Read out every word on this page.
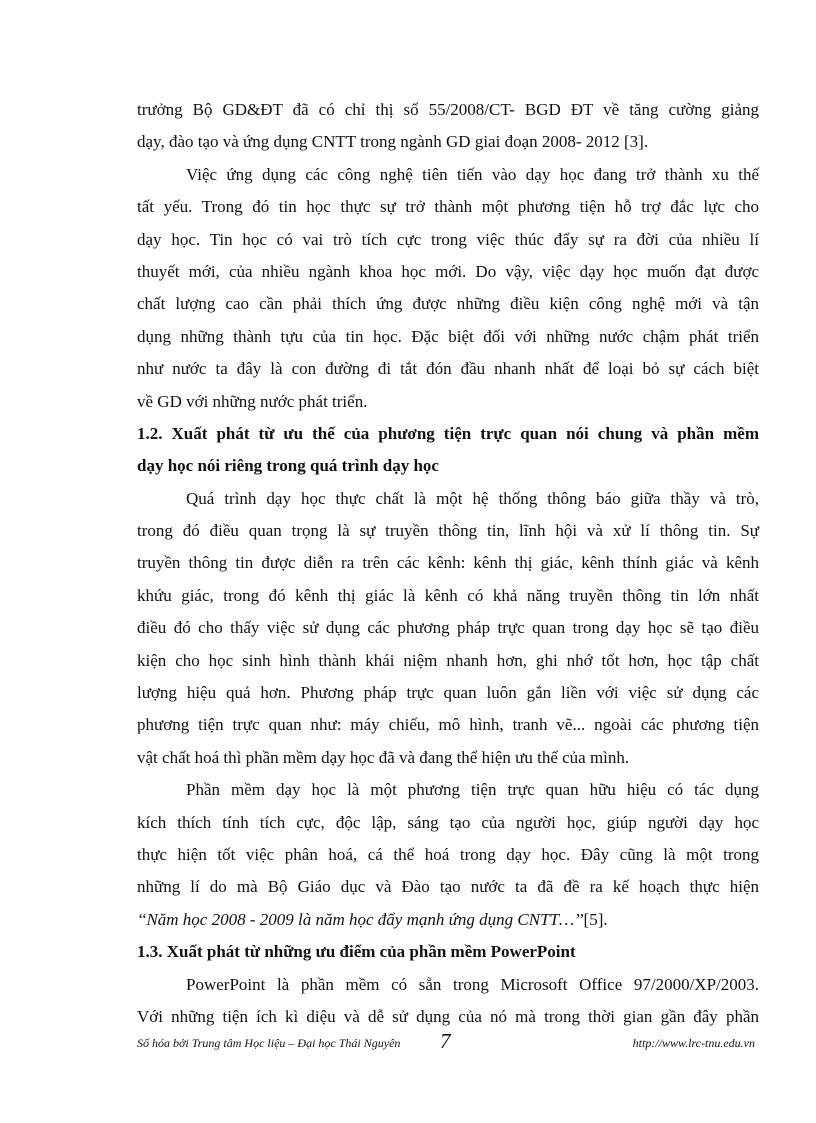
trưởng Bộ GD&ĐT đã có chỉ thị số 55/2008/CT- BGD ĐT về tăng cường giảng
dạy, đào tạo và ứng dụng CNTT trong ngành GD giai đoạn 2008- 2012 [3].
Việc ứng dụng các công nghệ tiên tiến vào dạy học đang trở thành xu thế
tất yếu. Trong đó tin học thực sự trở thành một phương tiện hỗ trợ đắc lực cho
dạy học. Tin học có vai trò tích cực trong việc thúc đẩy sự ra đời của nhiều lí
thuyết mới, của nhiều ngành khoa học mới. Do vậy, việc dạy học muốn đạt được
chất lượng cao cần phải thích ứng được những điều kiện công nghệ mới và tận
dụng những thành tựu của tin học. Đặc biệt đối với những nước chậm phát triển
như nước ta đây là con đường đi tắt đón đầu nhanh nhất để loại bỏ sự cách biệt
về GD với những nước phát triển.
1.2. Xuất phát từ ưu thế của phương tiện trực quan nói chung và phần mềm
dạy học nói riêng trong quá trình dạy học
Quá trình dạy học thực chất là một hệ thống thông báo giữa thầy và trò,
trong đó điều quan trọng là sự truyền thông tin, lĩnh hội và xử lí thông tin. Sự
truyền thông tin được diễn ra trên các kênh: kênh thị giác, kênh thính giác và kênh
khứu giác, trong đó kênh thị giác là kênh có khả năng truyền thông tin lớn nhất
điều đó cho thấy việc sử dụng các phương pháp trực quan trong dạy học sẽ tạo điều
kiện cho học sinh hình thành khái niệm nhanh hơn, ghi nhớ tốt hơn, học tập chất
lượng hiệu quả hơn. Phương pháp trực quan luôn gắn liền với việc sử dụng các
phương tiện trực quan như: máy chiếu, mô hình, tranh vẽ... ngoài các phương tiện
vật chất hoá thì phần mềm dạy học đã và đang thể hiện ưu thế của mình.
Phần mềm dạy học là một phương tiện trực quan hữu hiệu có tác dụng
kích thích tính tích cực, độc lập, sáng tạo của người học, giúp người dạy học
thực hiện tốt việc phân hoá, cá thể hoá trong dạy học. Đây cũng là một trong
những lí do mà Bộ Giáo dục và Đào tạo nước ta đã đề ra kế hoạch thực hiện
‘‘Năm học 2008 - 2009 là năm học đẩy mạnh ứng dụng CNTT…’’[5].
1.3. Xuất phát từ những ưu điểm của phần mềm PowerPoint
PowerPoint là phần mềm có sẵn trong Microsoft Office 97/2000/XP/2003.
Với những tiện ích kì diệu và dễ sử dụng của nó mà trong thời gian gần đây phần
Số hóa bởi Trung tâm Học liệu – Đại học Thái Nguyên 7	http://www.lrc-tnu.edu.vn
